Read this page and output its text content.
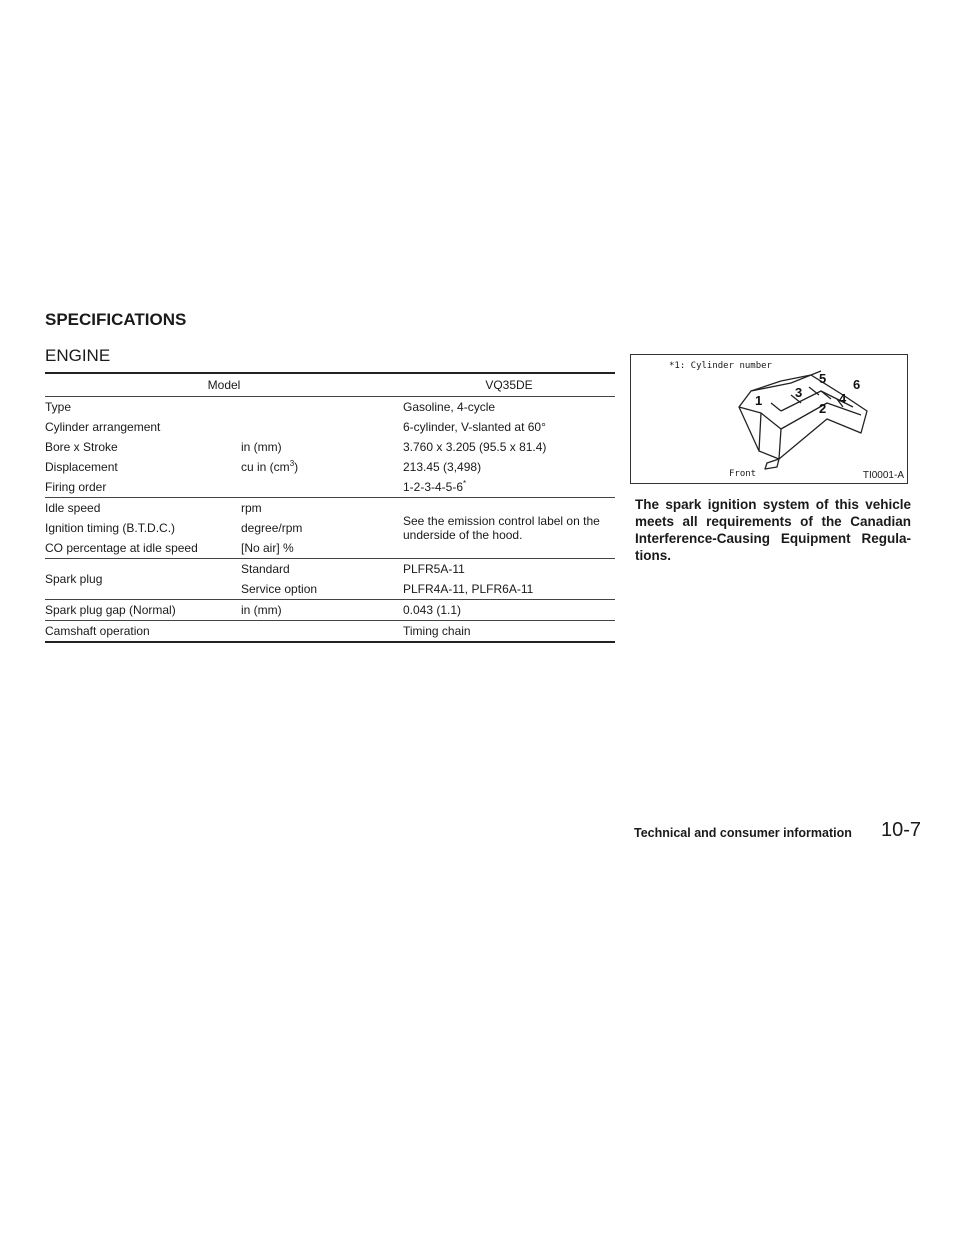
SPECIFICATIONS
ENGINE
Model		VQ35DE
Type		Gasoline, 4-cycle
Cylinder arrangement		6-cylinder, V-slanted at 60°
Bore x Stroke	in (mm)	3.760 x 3.205 (95.5 x 81.4)
Displacement	cu in $(cm^3)$	213.45 (3,498)
Firing order		1-2-3-4-5-6*
Idle speed	rpm	See the emission control label on the underside of the hood.
Ignition timing (B.T.D.C.)	degree/rpm	
CO percentage at idle speed	[No air] %	
Spark plug	Standard	PLFR5A-11
	Service option	PLFR4A-11, PLFR6A-11
Spark plug gap (Normal)	in (mm)	0.043 (1.1)
Camshaft operation		Timing chain
1
2
3	4
5 6
*1: Cylinder number
Front	TI0001-A

The spark ignition system of this vehicle meets all requirements of the Canadian Interference-Causing Equipment Regula-tions.

Technical and consumer information 10-7
